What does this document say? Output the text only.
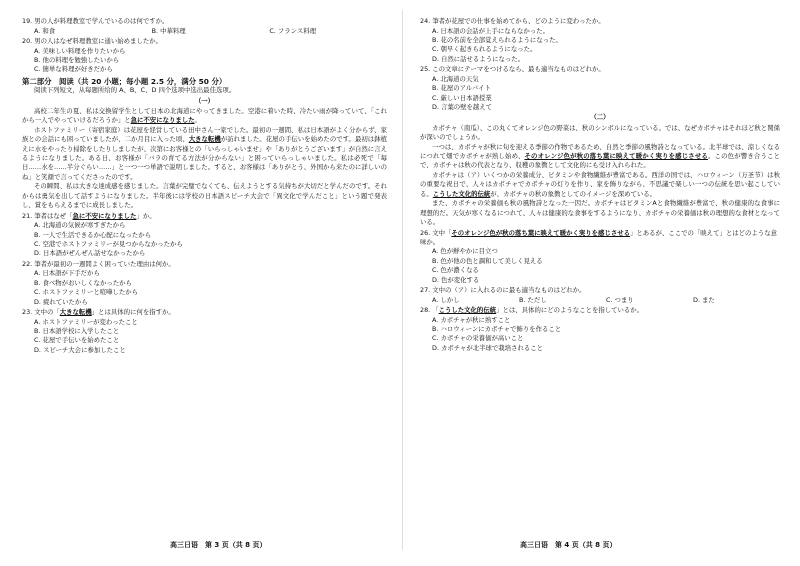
19. 男の人が料理教室で学んでいるのは何ですか。
A. 和食	B. 中華料理	C. フランス料理
20. 男の人はなぜ料理教室に通い始めましたか。
A. 美味しい料理を作りたいから
B. 他の料理を勉強したいから
C. 簡単な料理が好きだから
第二部分　阅读（共 20 小题；每小题 2.5 分，满分 50 分）
阅读下列短文，从每题所给的 A、B、C、D 四个选项中选出最佳选项。
（一）
高校二年生の夏、私は交換留学生として日本の北海道にやってきました。空港に着いた時、冷たい雨が降っていて、「これから一人でやっていけるだろうか」と急に不安になりました。
ホストファミリー（寄宿家庭）は花屋を経営している田中さん一家でした。最初の一週間、私は日本語がよく分からず、家族との会話にも困っていましたが、二か月目に入った頃、大きな転機が訪れました。花屋の手伝いを始めたのです。最初は鉢植えに水をやったり掃除をしたりしましたが、次第にお客様との「いらっしゃいませ」や「ありがとうございます」が自然に言えるようになりました。ある日、お客様が「バラの育てる方法が分からない」と困っていらっしゃいました。私は必死で「毎日……水を……半分ぐらい……」と一つ一つ単語で説明しました。すると、お客様は「ありがとう、外国から来たのに詳しいのね」と笑顔で言ってくださったのです。
その瞬間、私は大きな達成感を感じました。言葉が完璧でなくても、伝えようとする気持ちが大切だと学んだのです。それからは勇気を出して話すようになりました。半年後には学校の日本語スピーチ大会で「異文化で学んだこと」という題で発表し、賞をもらえるまでに成長しました。
21. 筆者はなぜ「急に不安になりました」か。
A. 北海道の気候が寒すぎたから
B. 一人で生活できるか心配になったから
C. 空港でホストファミリーが見つからなかったから
D. 日本語がぜんぜん話せなかったから
22. 筆者が最初の一週間よく困っていた理由は何か。
A. 日本語が下手だから
B. 食べ物がおいしくなかったから
C. ホストファミリーと喧嘩したから
D. 疲れていたから
23. 文中の「大きな転機」とは具体的に何を指すか。
A. ホストファミリーが変わったこと
B. 日本語学校に入学したこと
C. 花屋で手伝いを始めたこと
D. スピーチ大会に参加したこと
24. 筆者が花屋での仕事を始めてから、どのように変わったか。
A. 日本語の会話が上手にならなかった。
B. 花の名前を全部覚えられるようになった。
C. 朝早く起きられるようになった。
D. 自然に話せるようになった。
25. この文章にテーマをつけるなら、最も適当なものはどれか。
A. 北海道の天気
B. 花屋のアルバイト
C. 厳しい日本語授業
D. 言葉の壁を越えて
（二）
カボチャ（南瓜）、この丸くてオレンジ色の野菜は、秋のシンボルになっている。では、なぜカボチャはそれほど秋と関係が深いのでしょうか。
一つは、カボチャが秋に旬を迎える季節の作物であるため、自然と季節の風物詩となっている。北半球では、涼しくなるにつれて畑でカボチャが熟し始め、そのオレンジ色が秋の落ち葉に映えて暖かく実りを感じさせる。この色が響き合うことで、カボチャは秋の代表となり、収穫の象徴として文化的にも受け入れられた。
カボチャは（ア）いくつかの栄養成分、ビタミンや食物繊維が豊富である。西洋の国では、ハロウィーン（万圣节）は秋の重要な祝日で、人々はカボチャでカボチャの灯りを作り、家を飾りながら、不思議で楽しい一つの伝統を思い起こしている。こうした文化的伝統が、カボチャの秋の象徴としてのイメージを深めている。
また、カボチャの栄養価も秋の風物詩となった一因だ。カボチャはビタミンAと食物繊維が豊富で、秋の健康的な食事に理想的だ。天気が寒くなるにつれて、人々は健康的な食事をするようになり、カボチャの栄養価は秋の理想的な食材となっている。
26. 文中「そのオレンジ色が秋の落ち葉に映えて暖かく実りを感じさせる」とあるが、ここでの「映えて」とはどのような意味か。
A. 色が鮮やかに目立つ
B. 色が他の色と調和して美しく見える
C. 色が濃くなる
D. 色が変化する
27. 文中の（ア）に入れるのに最も適当なものはどれか。
A. しかし	B. ただし	C. つまり	D. また
28. 「こうした文化的伝統」とは、具体的にどのようなことを指しているか。
A. カボチャが秋に熟すこと
B. ハロウィーンにカボチャで飾りを作ること
C. カボチャの栄養価が高いこと
D. カボチャが北半球で栽培されること
高三日语　第 3 页（共 8 页）	高三日语　第 4 页（共 8 页）
